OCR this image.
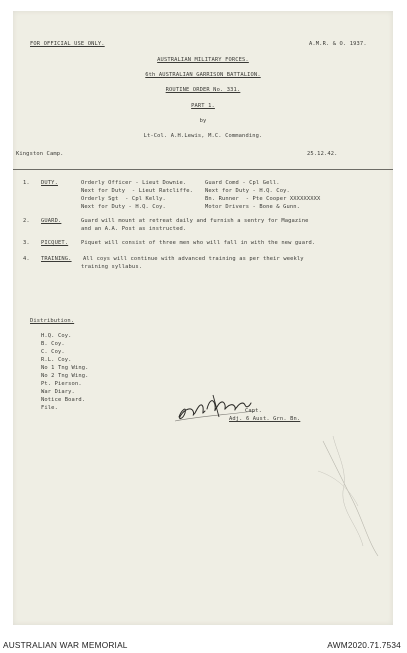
FOR OFFICIAL USE ONLY.	A.M.R. & O. 1937.
AUSTRALIAN MILITARY FORCES.
6th AUSTRALIAN GARRISON BATTALION.
ROUTINE ORDER No. 331.
PART 1.
by
Lt-Col. A.H.Lewis, M.C. Commanding.
Kingston Camp.	25.12.42.
1. DUTY.	Orderly Officer - Lieut Downie.	Guard Comd - Cpl Gell.
Next for Duty  - Lieut Ratcliffe. Next for Duty - H.Q. Coy.
Orderly Sgt  - Cpl Kelly.	Bn. Runner  - Pte Cooper XXXXXXXXX
Next for Duty - H.Q. Coy.	Motor Drivers - Bone & Gunn.
2. GUARD.	Guard will mount at retreat daily and furnish a sentry for Magazine
and an A.A. Post as instructed.
3. PICQUET. Piquet will consist of three men who will fall in with the new guard.
4. TRAINING. All coys will continue with advanced training as per their weekly
training syllabus.
Distribution.
H.Q. Coy.
B. Coy.
C. Coy.
R.L. Coy.
No 1 Tng Wing.
No 2 Tng Wing.
Pt. Pierson.
War Diary.
Notice Board.
File.	Capt.
Adj. 6 Aust. Grn. Bn.
AUSTRALIAN WAR MEMORIAL	AWM2020.71.7534
